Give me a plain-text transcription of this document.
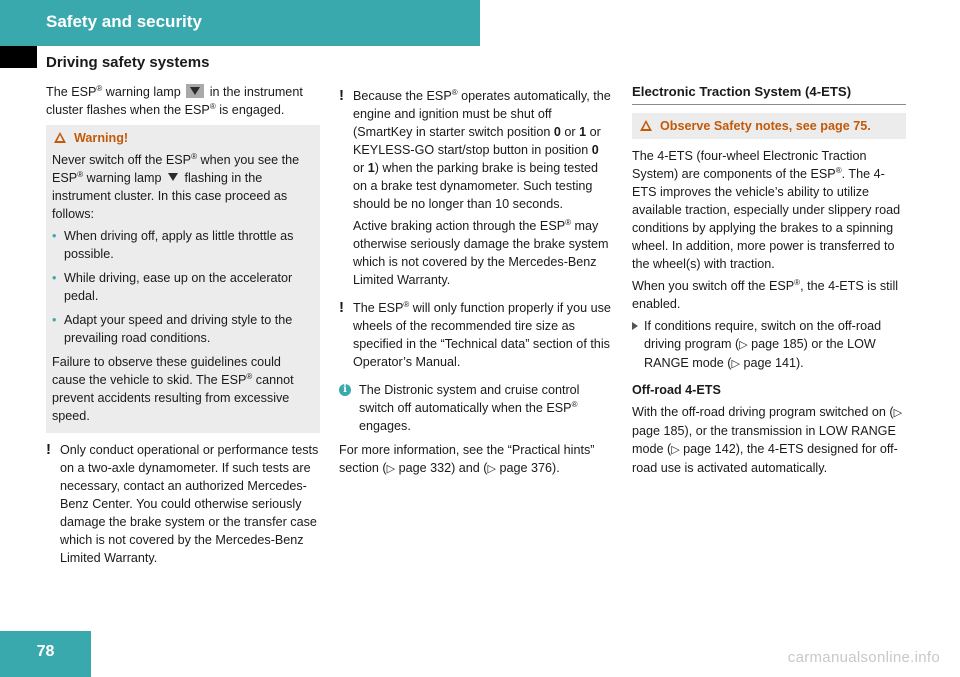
Safety and security
Driving safety systems

The ESP® warning lamp  in the instrument cluster flashes when the ESP® is engaged.

Warning!

Never switch off the ESP® when you see the ESP® warning lamp  flashing in the instrument cluster. In this case proceed as follows:

• When driving off, apply as little throttle as possible.
• While driving, ease up on the accelerator pedal.
• Adapt your speed and driving style to the prevailing road conditions.

Failure to observe these guidelines could cause the vehicle to skid. The ESP® cannot prevent accidents resulting from excessive speed.

! Only conduct operational or performance tests on a two-axle dynamometer. If such tests are necessary, contact an authorized Mercedes-Benz Center. You could otherwise seriously damage the brake system or the transfer case which is not covered by the Mercedes-Benz Limited Warranty.
! Because the ESP® operates automatically, the engine and ignition must be shut off (SmartKey in starter switch position 0 or 1 or KEYLESS-GO start/stop button in position 0 or 1) when the parking brake is being tested on a brake test dynamometer. Such testing should be no longer than 10 seconds.

Active braking action through the ESP® may otherwise seriously damage the brake system which is not covered by the Mercedes-Benz Limited Warranty.

! The ESP® will only function properly if you use wheels of the recommended tire size as specified in the “Technical data” section of this Operator’s Manual.
i The Distronic system and cruise control switch off automatically when the ESP® engages.

For more information, see the “Practical hints” section (▷ page 332) and (▷ page 376).

Electronic Traction System (4-ETS)
Observe Safety notes, see page 75.

The 4-ETS (four-wheel Electronic Traction System) are components of the ESP®. The 4-ETS improves the vehicle’s ability to utilize available traction, especially under slippery road conditions by applying the brakes to a spinning wheel. In addition, more power is transferred to the wheel(s) with traction.

When you switch off the ESP®, the 4-ETS is still enabled.

If conditions require, switch on the off-road driving program (▷ page 185) or the LOW RANGE mode (▷ page 141).

Off-road 4-ETS

With the off-road driving program switched on (▷ page 185), or the transmission in LOW RANGE mode (▷ page 142), the 4-ETS designed for off-road use is activated automatically.

78	carmanualsonline.info
